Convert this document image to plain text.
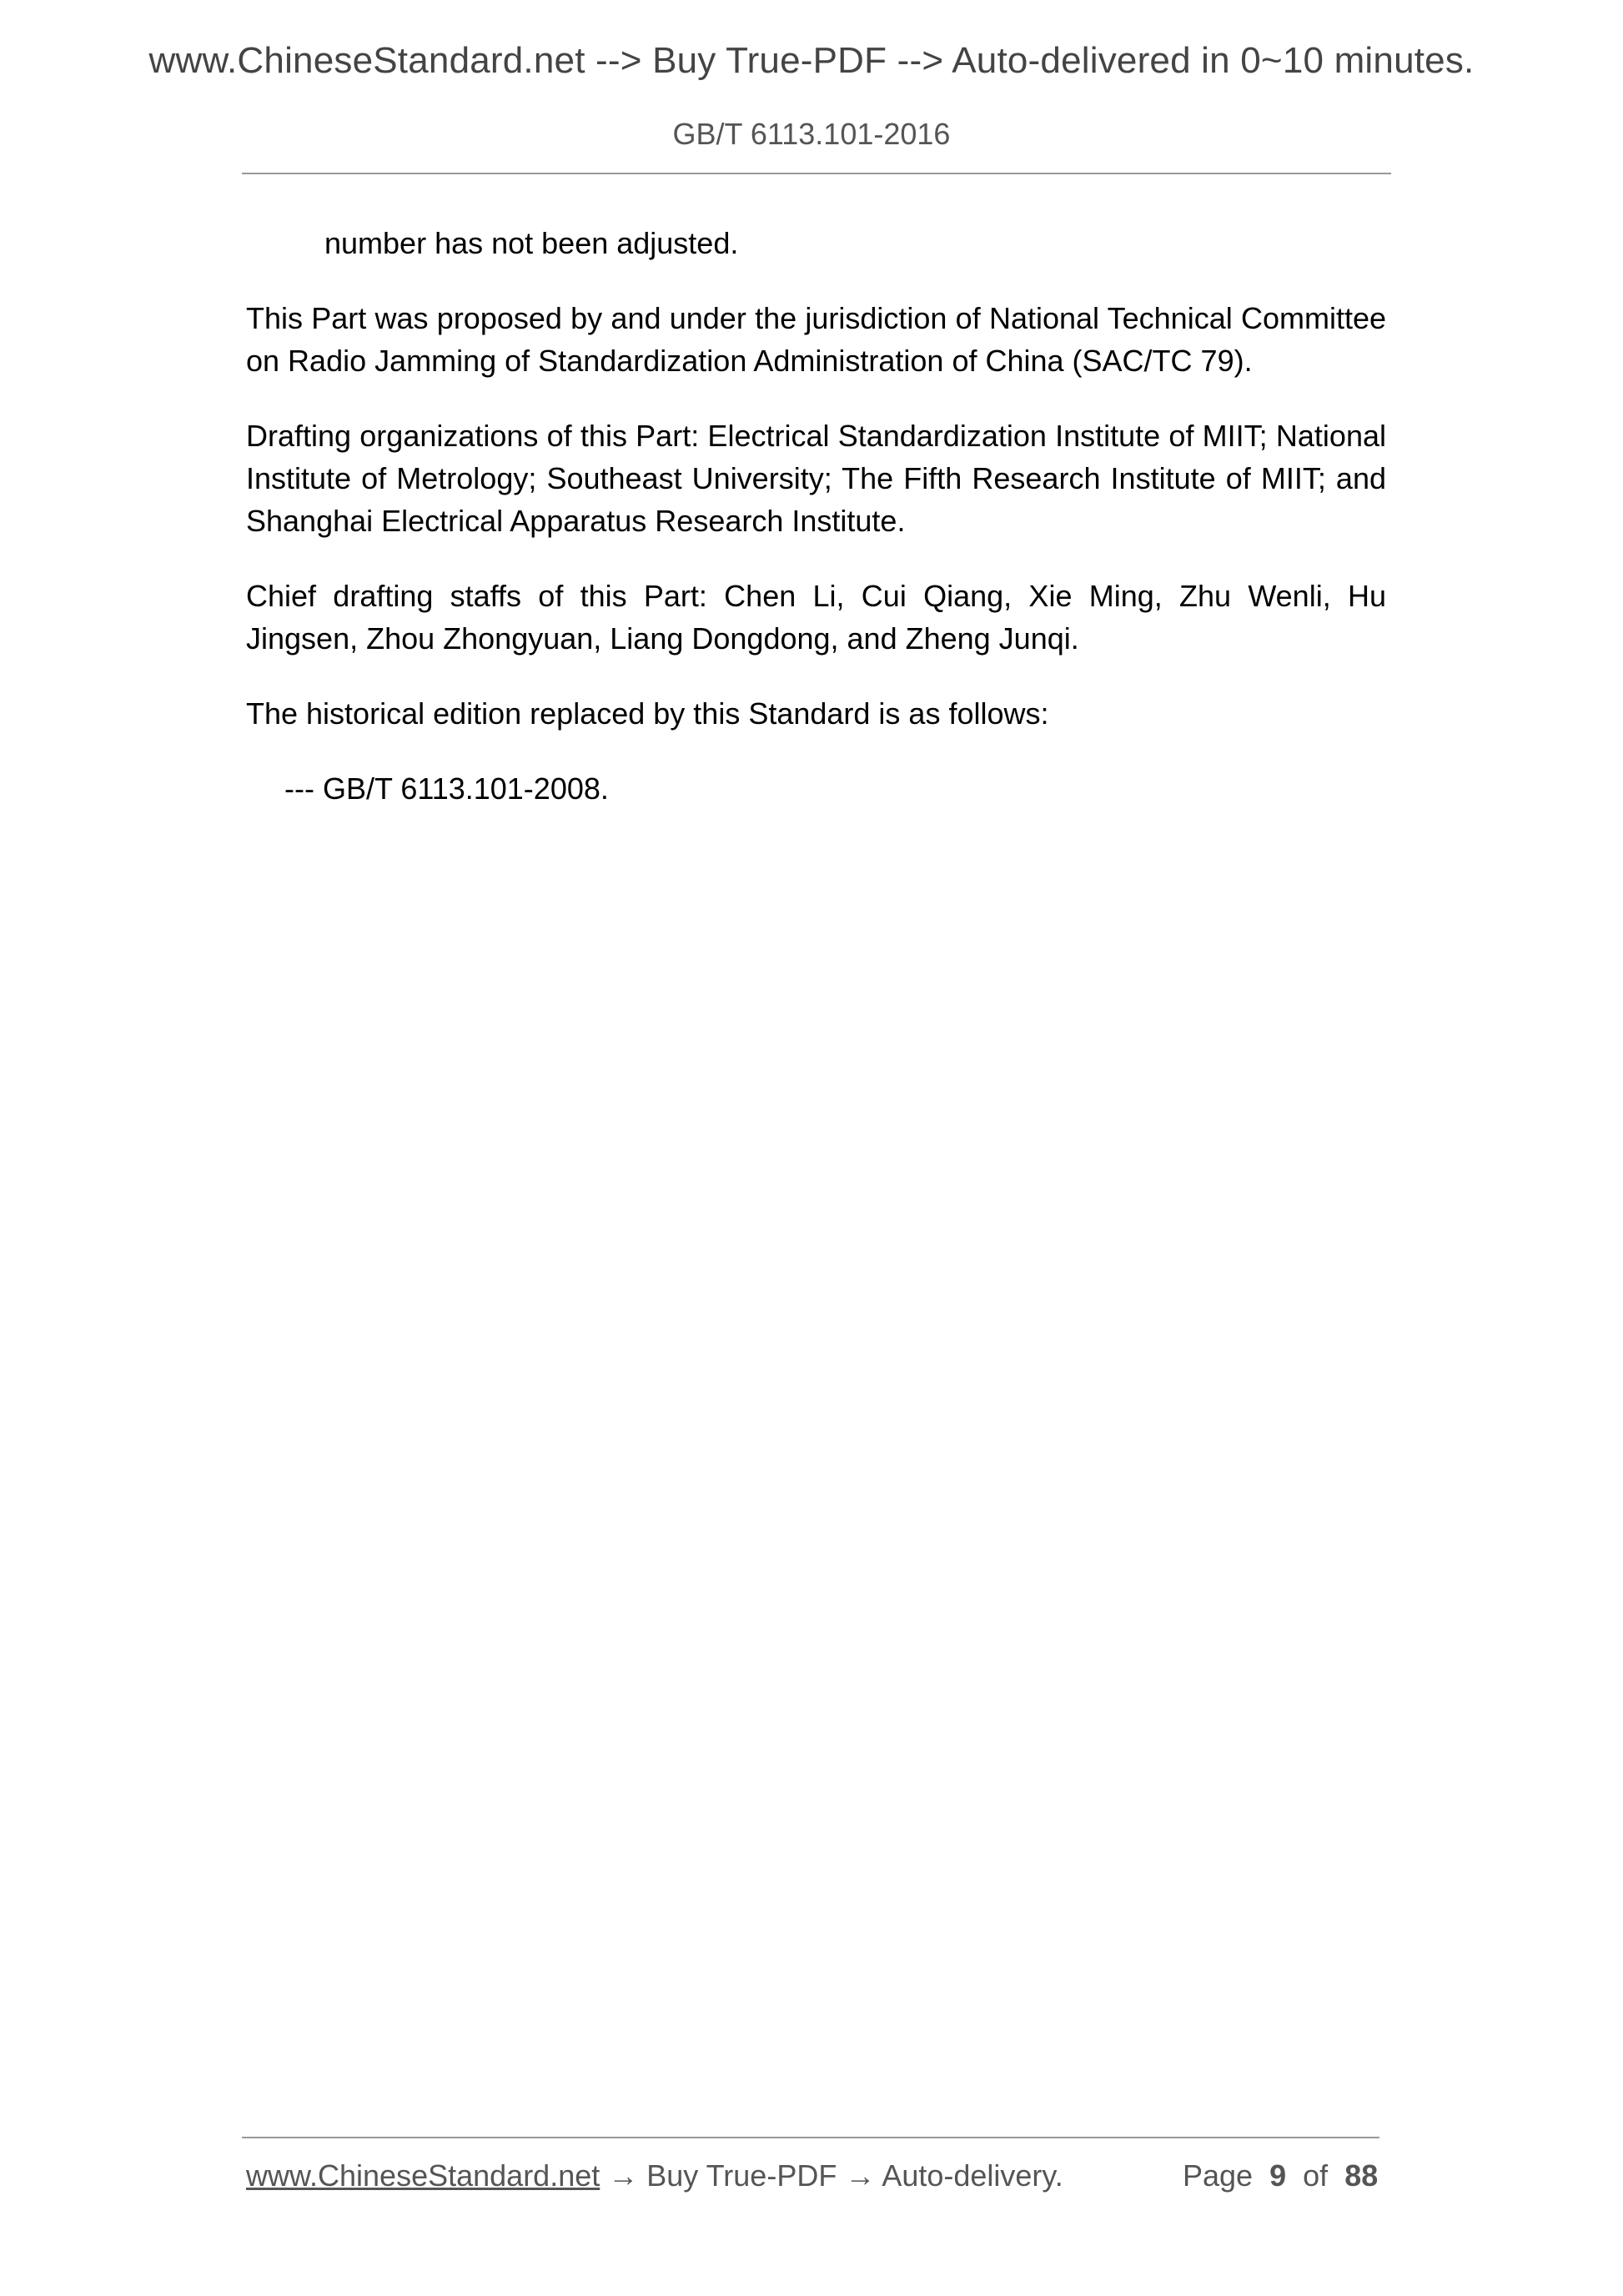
www.ChineseStandard.net --> Buy True-PDF --> Auto-delivered in 0~10 minutes.
GB/T 6113.101-2016

number has not been adjusted.

This Part was proposed by and under the jurisdiction of National Technical Committee on Radio Jamming of Standardization Administration of China (SAC/TC 79).

Drafting organizations of this Part: Electrical Standardization Institute of MIIT; National Institute of Metrology; Southeast University; The Fifth Research Institute of MIIT; and Shanghai Electrical Apparatus Research Institute.

Chief drafting staffs of this Part: Chen Li, Cui Qiang, Xie Ming, Zhu Wenli, Hu Jingsen, Zhou Zhongyuan, Liang Dongdong, and Zheng Junqi.

The historical edition replaced by this Standard is as follows:

--- GB/T 6113.101-2008.

www.ChineseStandard.net → Buy True-PDF → Auto-delivery.	Page 9 of 88
